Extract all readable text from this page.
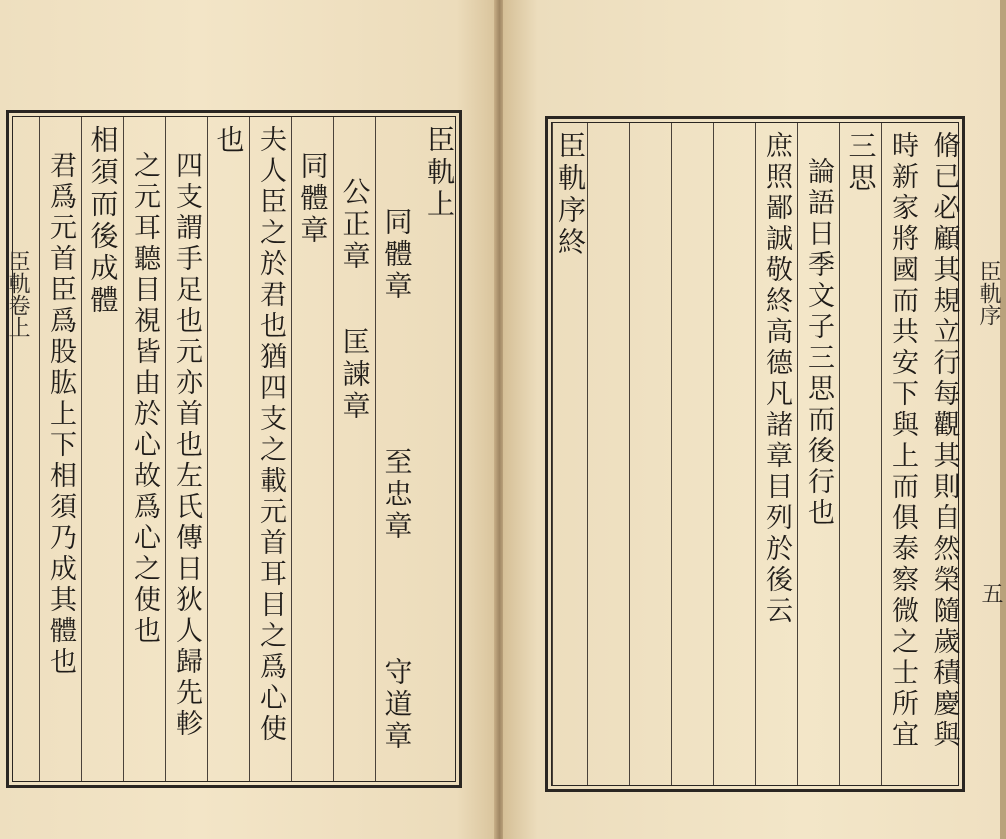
臣軌上
同體章
至忠章
守道章
公正章
匡諫章
同體章
夫人臣之於君也猶四支之載元首耳目之爲心使
也
四支謂手足也元亦首也左氏傳日狄人歸先軫
之元耳聽目視皆由於心故爲心之使也
相須而後成體
君爲元首臣爲股肱上下相須乃成其體也
臣軌卷上	脩已必顧其規立行每觀其則自然榮隨歲積慶與
時新家將國而共安下與上而俱泰察微之士所宜
三思
論語日季文子三思而後行也
庶照鄙誠敬終高德凡諸章目列於後云
臣軌序終
臣軌序
五
